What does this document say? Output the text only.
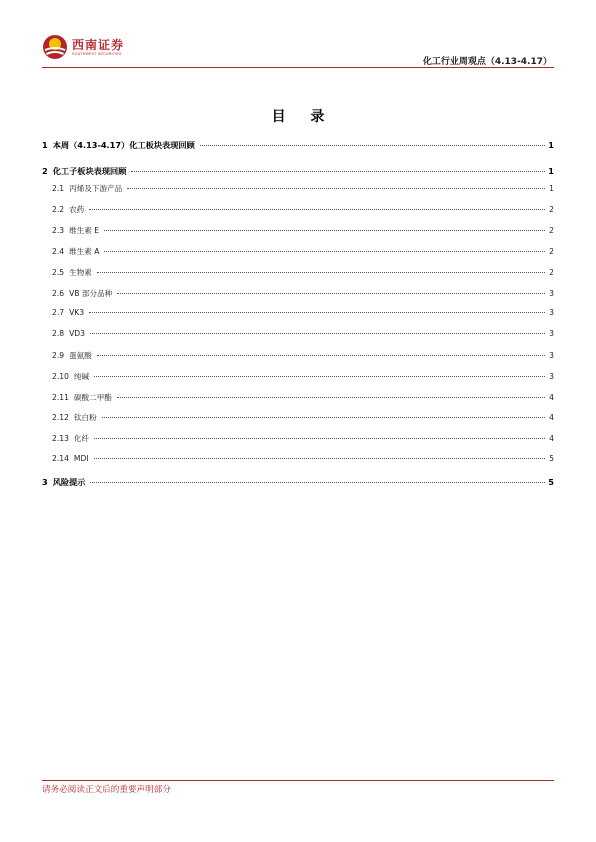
西南证券
SOUTHWEST SECURITIES
化工行业周观点（4.13-4.17）
目 录
1 本周（4.13-4.17）化工板块表现回顾	1
2 化工子板块表现回顾	1
2.1 丙烯及下游产品	1
2.2 农药	2
2.3 维生素 E	2
2.4 维生素 A	2
2.5 生物素	2
2.6 VB 部分品种	3
2.7 VK3	3
2.8 VD3	3
2.9 蛋氨酸	3
2.10 纯碱	3
2.11 碳酸二甲酯	4
2.12 钛白粉	4
2.13 化纤	4
2.14 MDI	5
3 风险提示	5
请务必阅读正文后的重要声明部分
